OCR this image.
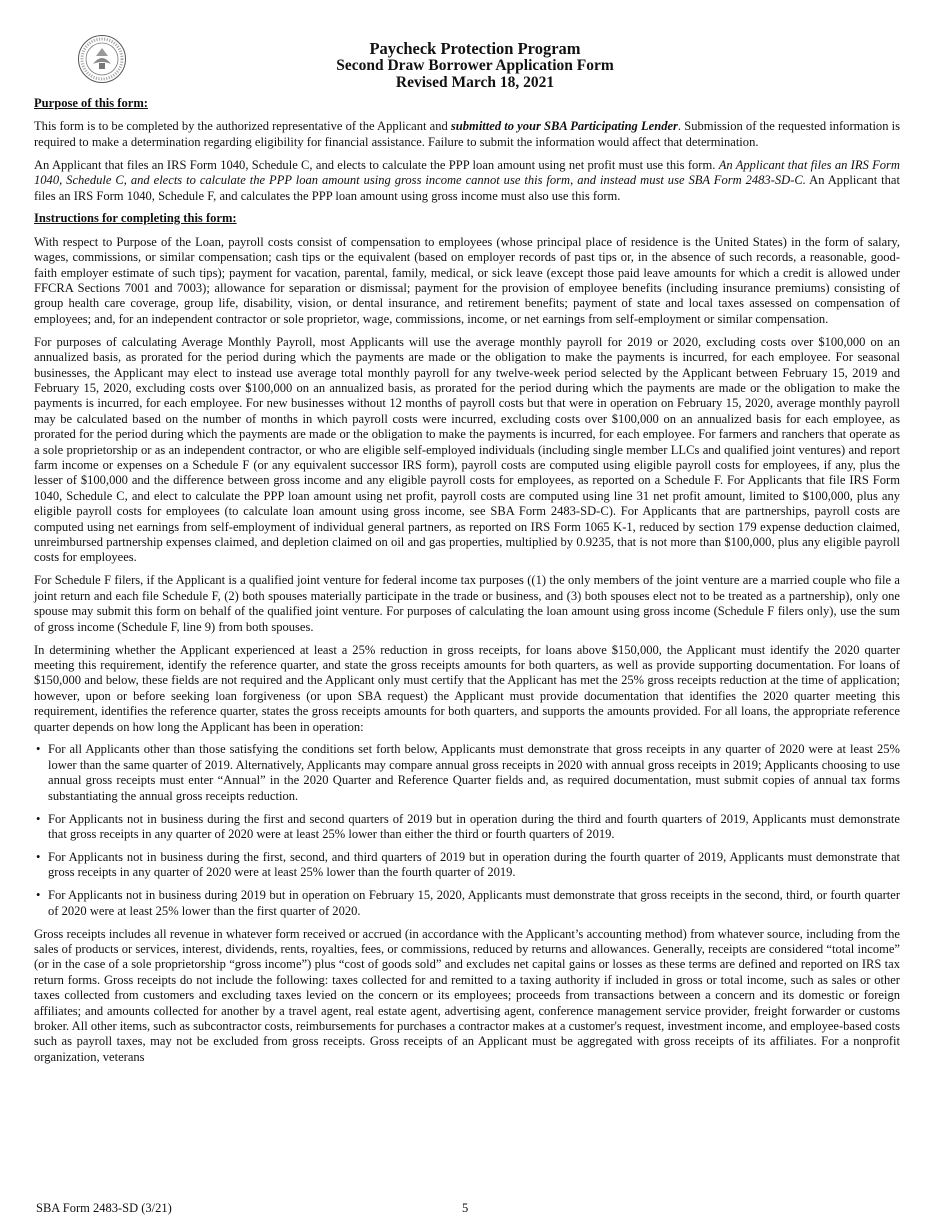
Paycheck Protection Program
Second Draw Borrower Application Form
Revised March 18, 2021
Purpose of this form:

This form is to be completed by the authorized representative of the Applicant and submitted to your SBA Participating Lender. Submission of the requested information is required to make a determination regarding eligibility for financial assistance. Failure to submit the information would affect that determination.

An Applicant that files an IRS Form 1040, Schedule C, and elects to calculate the PPP loan amount using net profit must use this form. An Applicant that files an IRS Form 1040, Schedule C, and elects to calculate the PPP loan amount using gross income cannot use this form, and instead must use SBA Form 2483-SD-C. An Applicant that files an IRS Form 1040, Schedule F, and calculates the PPP loan amount using gross income must also use this form.

Instructions for completing this form:

With respect to Purpose of the Loan, payroll costs consist of compensation to employees (whose principal place of residence is the United States) in the form of salary, wages, commissions, or similar compensation; cash tips or the equivalent (based on employer records of past tips or, in the absence of such records, a reasonable, good-faith employer estimate of such tips); payment for vacation, parental, family, medical, or sick leave (except those paid leave amounts for which a credit is allowed under FFCRA Sections 7001 and 7003); allowance for separation or dismissal; payment for the provision of employee benefits (including insurance premiums) consisting of group health care coverage, group life, disability, vision, or dental insurance, and retirement benefits; payment of state and local taxes assessed on compensation of employees; and, for an independent contractor or sole proprietor, wage, commissions, income, or net earnings from self-employment or similar compensation.

For purposes of calculating Average Monthly Payroll, most Applicants will use the average monthly payroll for 2019 or 2020, excluding costs over $100,000 on an annualized basis, as prorated for the period during which the payments are made or the obligation to make the payments is incurred, for each employee. For seasonal businesses, the Applicant may elect to instead use average total monthly payroll for any twelve-week period selected by the Applicant between February 15, 2019 and February 15, 2020, excluding costs over $100,000 on an annualized basis, as prorated for the period during which the payments are made or the obligation to make the payments is incurred, for each employee. For new businesses without 12 months of payroll costs but that were in operation on February 15, 2020, average monthly payroll may be calculated based on the number of months in which payroll costs were incurred, excluding costs over $100,000 on an annualized basis for each employee, as prorated for the period during which the payments are made or the obligation to make the payments is incurred, for each employee. For farmers and ranchers that operate as a sole proprietorship or as an independent contractor, or who are eligible self-employed individuals (including single member LLCs and qualified joint ventures) and report farm income or expenses on a Schedule F (or any equivalent successor IRS form), payroll costs are computed using eligible payroll costs for employees, if any, plus the lesser of $100,000 and the difference between gross income and any eligible payroll costs for employees, as reported on a Schedule F. For Applicants that file IRS Form 1040, Schedule C, and elect to calculate the PPP loan amount using net profit, payroll costs are computed using line 31 net profit amount, limited to $100,000, plus any eligible payroll costs for employees (to calculate loan amount using gross income, see SBA Form 2483-SD-C). For Applicants that are partnerships, payroll costs are computed using net earnings from self-employment of individual general partners, as reported on IRS Form 1065 K-1, reduced by section 179 expense deduction claimed, unreimbursed partnership expenses claimed, and depletion claimed on oil and gas properties, multiplied by 0.9235, that is not more than $100,000, plus any eligible payroll costs for employees.

For Schedule F filers, if the Applicant is a qualified joint venture for federal income tax purposes ((1) the only members of the joint venture are a married couple who file a joint return and each file Schedule F, (2) both spouses materially participate in the trade or business, and (3) both spouses elect not to be treated as a partnership), only one spouse may submit this form on behalf of the qualified joint venture. For purposes of calculating the loan amount using gross income (Schedule F filers only), use the sum of gross income (Schedule F, line 9) from both spouses.

In determining whether the Applicant experienced at least a 25% reduction in gross receipts, for loans above $150,000, the Applicant must identify the 2020 quarter meeting this requirement, identify the reference quarter, and state the gross receipts amounts for both quarters, as well as provide supporting documentation. For loans of $150,000 and below, these fields are not required and the Applicant only must certify that the Applicant has met the 25% gross receipts reduction at the time of application; however, upon or before seeking loan forgiveness (or upon SBA request) the Applicant must provide documentation that identifies the 2020 quarter meeting this requirement, identifies the reference quarter, states the gross receipts amounts for both quarters, and supports the amounts provided. For all loans, the appropriate reference quarter depends on how long the Applicant has been in operation:

• For all Applicants other than those satisfying the conditions set forth below, Applicants must demonstrate that gross receipts in any quarter of 2020 were at least 25% lower than the same quarter of 2019. Alternatively, Applicants may compare annual gross receipts in 2020 with annual gross receipts in 2019; Applicants choosing to use annual gross receipts must enter “Annual” in the 2020 Quarter and Reference Quarter fields and, as required documentation, must submit copies of annual tax forms substantiating the annual gross receipts reduction.
• For Applicants not in business during the first and second quarters of 2019 but in operation during the third and fourth quarters of 2019, Applicants must demonstrate that gross receipts in any quarter of 2020 were at least 25% lower than either the third or fourth quarters of 2019.
• For Applicants not in business during the first, second, and third quarters of 2019 but in operation during the fourth quarter of 2019, Applicants must demonstrate that gross receipts in any quarter of 2020 were at least 25% lower than the fourth quarter of 2019.
• For Applicants not in business during 2019 but in operation on February 15, 2020, Applicants must demonstrate that gross receipts in the second, third, or fourth quarter of 2020 were at least 25% lower than the first quarter of 2020.

Gross receipts includes all revenue in whatever form received or accrued (in accordance with the Applicant’s accounting method) from whatever source, including from the sales of products or services, interest, dividends, rents, royalties, fees, or commissions, reduced by returns and allowances. Generally, receipts are considered “total income” (or in the case of a sole proprietorship “gross income”) plus “cost of goods sold” and excludes net capital gains or losses as these terms are defined and reported on IRS tax return forms. Gross receipts do not include the following: taxes collected for and remitted to a taxing authority if included in gross or total income, such as sales or other taxes collected from customers and excluding taxes levied on the concern or its employees; proceeds from transactions between a concern and its domestic or foreign affiliates; and amounts collected for another by a travel agent, real estate agent, advertising agent, conference management service provider, freight forwarder or customs broker. All other items, such as subcontractor costs, reimbursements for purchases a contractor makes at a customer's request, investment income, and employee-based costs such as payroll taxes, may not be excluded from gross receipts. Gross receipts of an Applicant must be aggregated with gross receipts of its affiliates. For a nonprofit organization, veterans

SBA Form 2483-SD (3/21)	5
